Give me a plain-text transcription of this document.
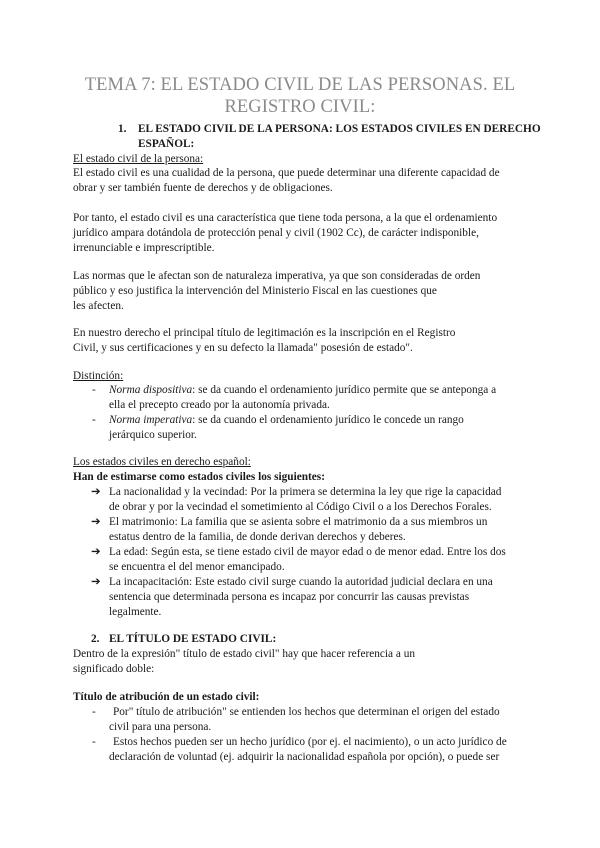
TEMA 7: EL ESTADO CIVIL DE LAS PERSONAS. EL
REGISTRO CIVIL:
1. EL ESTADO CIVIL DE LA PERSONA: LOS ESTADOS CIVILES EN DERECHO
ESPAÑOL:
El estado civil de la persona:
El estado civil es una cualidad de la persona, que puede determinar una diferente capacidad de
obrar y ser también fuente de derechos y de obligaciones.
Por tanto, el estado civil es una característica que tiene toda persona, a la que el ordenamiento
jurídico ampara dotándola de protección penal y civil (1902 Cc), de carácter indisponible,
irrenunciable e imprescriptible.
Las normas que le afectan son de naturaleza imperativa, ya que son consideradas de orden
público y eso justifica la intervención del Ministerio Fiscal en las cuestiones que
les afecten.
En nuestro derecho el principal título de legitimación es la inscripción en el Registro
Civil, y sus certificaciones y en su defecto la llamada" posesión de estado".
Distinción:
- Norma dispositiva: se da cuando el ordenamiento jurídico permite que se anteponga a
ella el precepto creado por la autonomía privada.
- Norma imperativa: se da cuando el ordenamiento jurídico le concede un rango
jerárquico superior.
Los estados civiles en derecho español:
Han de estimarse como estados civiles los siguientes:
➔ La nacionalidad y la vecindad: Por la primera se determina la ley que rige la capacidad
de obrar y por la vecindad el sometimiento al Código Civil o a los Derechos Forales.
➔ El matrimonio: La familia que se asienta sobre el matrimonio da a sus miembros un
estatus dentro de la familia, de donde derivan derechos y deberes.
➔ La edad: Según esta, se tiene estado civil de mayor edad o de menor edad. Entre los dos
se encuentra el del menor emancipado.
➔ La incapacitación: Este estado civil surge cuando la autoridad judicial declara en una
sentencia que determinada persona es incapaz por concurrir las causas previstas
legalmente.
2. EL TÍTULO DE ESTADO CIVIL:
Dentro de la expresión" título de estado civil" hay que hacer referencia a un
significado doble:
Título de atribución de un estado civil:
- Por" título de atribución" se entienden los hechos que determinan el origen del estado
civil para una persona.
- Estos hechos pueden ser un hecho jurídico (por ej. el nacimiento), o un acto jurídico de
declaración de voluntad (ej. adquirir la nacionalidad española por opción), o puede ser
